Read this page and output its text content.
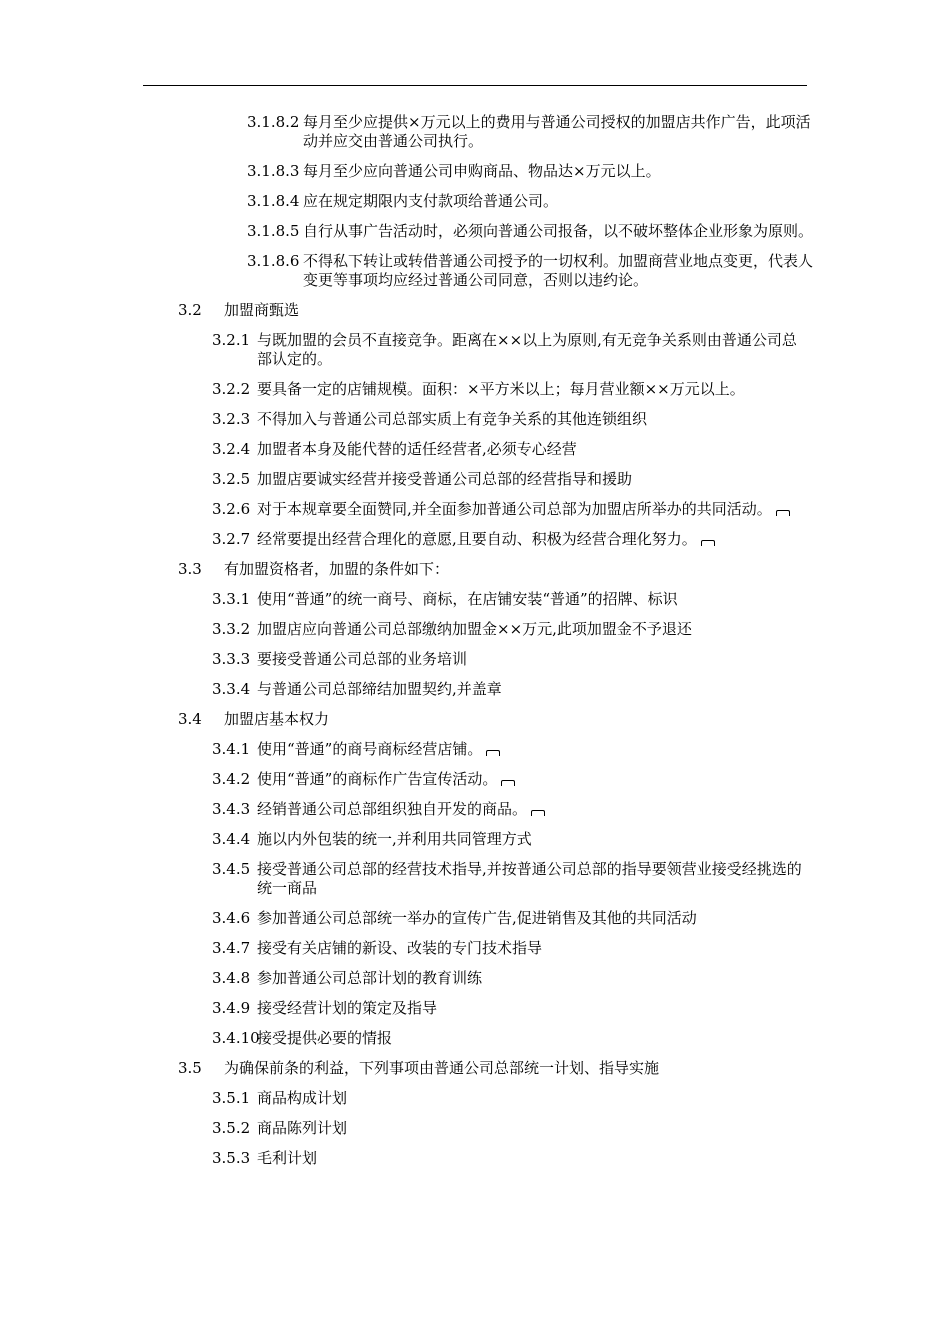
3.1.8.2 每月至少应提供×万元以上的费用与普通公司授权的加盟店共作广告，此项活动并应交由普通公司执行。
3.1.8.3 每月至少应向普通公司申购商品、物品达×万元以上。
3.1.8.4 应在规定期限内支付款项给普通公司。
3.1.8.5 自行从事广告活动时，必须向普通公司报备，以不破坏整体企业形象为原则。
3.1.8.6 不得私下转让或转借普通公司授予的一切权利。加盟商营业地点变更，代表人变更等事项均应经过普通公司同意，否则以违约论。
3.2 加盟商甄选
3.2.1 与既加盟的会员不直接竞争。距离在××以上为原则,有无竞争关系则由普通公司总部认定的。
3.2.2 要具备一定的店铺规模。面积：×平方米以上；每月营业额××万元以上。
3.2.3 不得加入与普通公司总部实质上有竞争关系的其他连锁组织
3.2.4 加盟者本身及能代替的适任经营者,必须专心经营
3.2.5 加盟店要诚实经营并接受普通公司总部的经营指导和援助
3.2.6 对于本规章要全面赞同,并全面参加普通公司总部为加盟店所举办的共同活动。
3.2.7 经常要提出经营合理化的意愿,且要自动、积极为经营合理化努力。
3.3 有加盟资格者，加盟的条件如下：
3.3.1 使用“普通”的统一商号、商标，在店铺安装“普通”的招牌、标识
3.3.2 加盟店应向普通公司总部缴纳加盟金××万元,此项加盟金不予退还
3.3.3 要接受普通公司总部的业务培训
3.3.4 与普通公司总部缔结加盟契约,并盖章
3.4 加盟店基本权力
3.4.1 使用“普通”的商号商标经营店铺。
3.4.2 使用“普通”的商标作广告宣传活动。
3.4.3 经销普通公司总部组织独自开发的商品。
3.4.4 施以内外包装的统一,并利用共同管理方式
3.4.5 接受普通公司总部的经营技术指导,并按普通公司总部的指导要领营业接受经挑选的统一商品
3.4.6 参加普通公司总部统一举办的宣传广告,促进销售及其他的共同活动
3.4.7 接受有关店铺的新设、改装的专门技术指导
3.4.8 参加普通公司总部计划的教育训练
3.4.9 接受经营计划的策定及指导
3.4.10
接受提供必要的情报
3.5 为确保前条的利益，下列事项由普通公司总部统一计划、指导实施
3.5.1 商品构成计划
3.5.2 商品陈列计划
3.5.3 毛利计划
